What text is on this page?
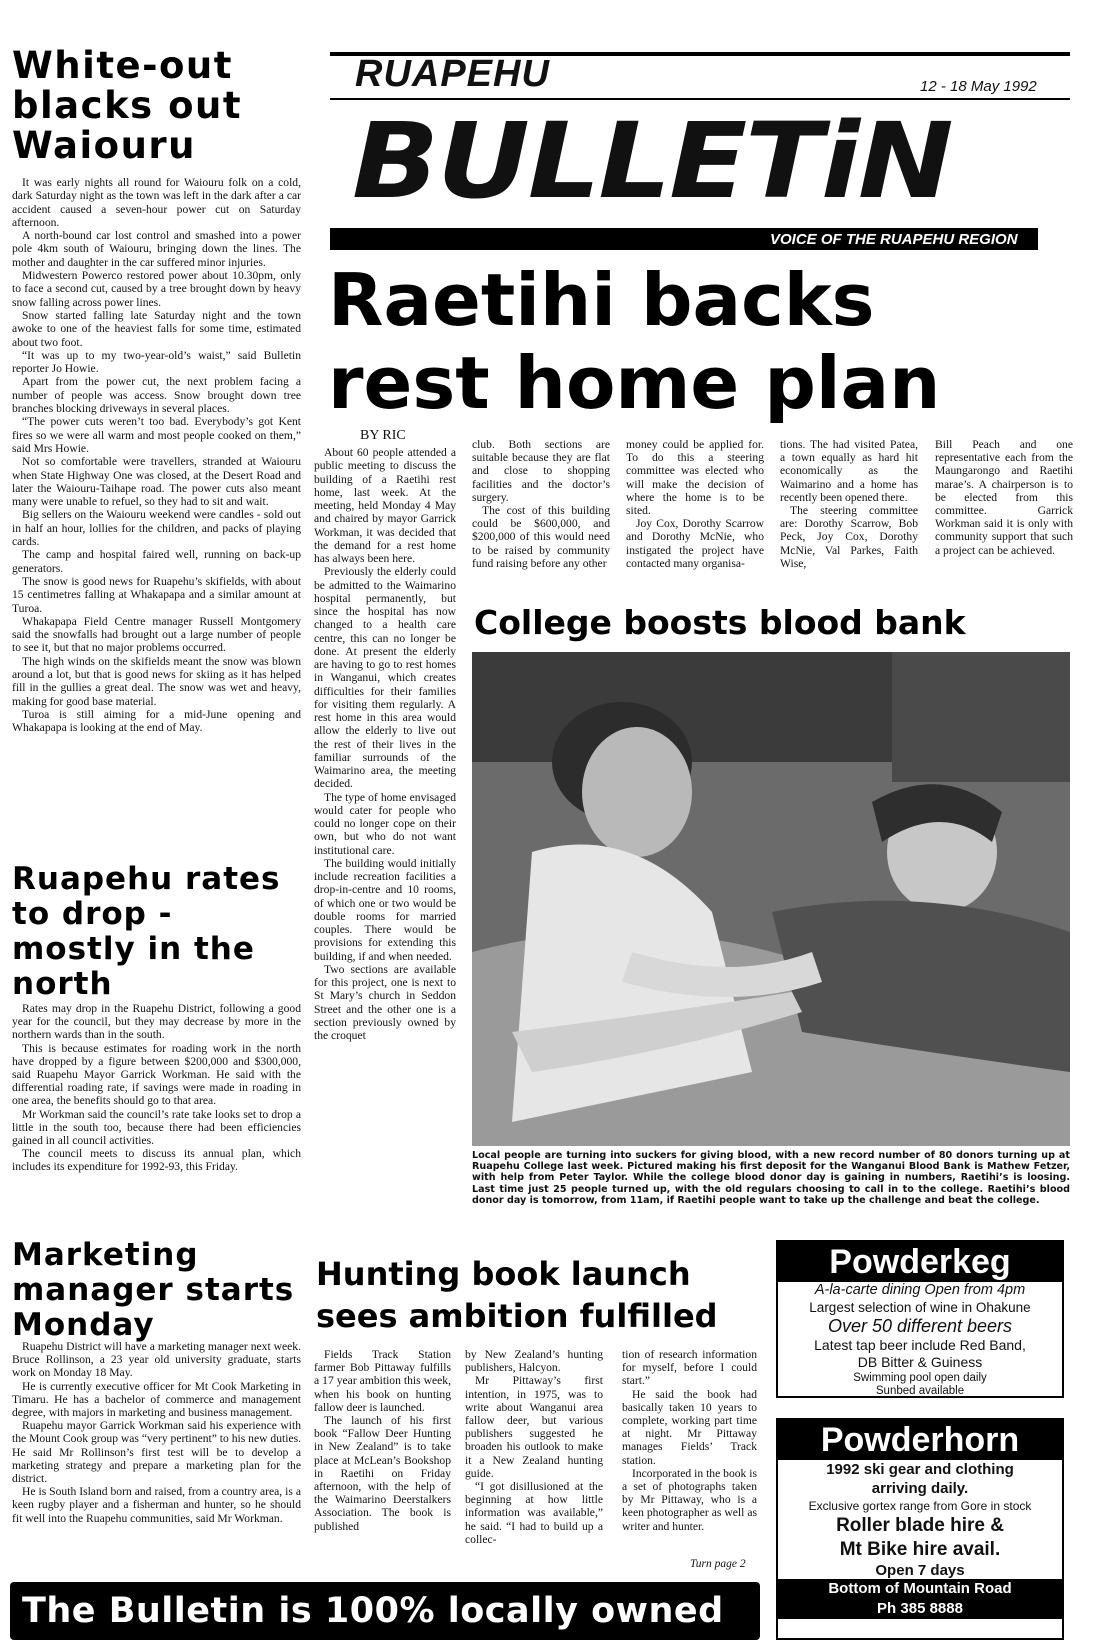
White-out blacks out Waiouru

It was early nights all round for Waiouru folk on a cold, dark Saturday night as the town was left in the dark after a car accident caused a seven-hour power cut on Saturday afternoon.

A north-bound car lost control and smashed into a power pole 4km south of Waiouru, bringing down the lines. The mother and daughter in the car suffered minor injuries.

Midwestern Powerco restored power about 10.30pm, only to face a second cut, caused by a tree brought down by heavy snow falling across power lines.

Snow started falling late Saturday night and the town awoke to one of the heaviest falls for some time, estimated about two foot.

“It was up to my two-year-old’s waist,” said Bulletin reporter Jo Howie.

Apart from the power cut, the next problem facing a number of people was access. Snow brought down tree branches blocking driveways in several places.

“The power cuts weren’t too bad. Everybody’s got Kent fires so we were all warm and most people cooked on them,” said Mrs Howie.

Not so comfortable were travellers, stranded at Waiouru when State Highway One was closed, at the Desert Road and later the Waiouru-Taihape road. The power cuts also meant many were unable to refuel, so they had to sit and wait.

Big sellers on the Waiouru weekend were candles - sold out in half an hour, lollies for the children, and packs of playing cards.

The camp and hospital faired well, running on back-up generators.

The snow is good news for Ruapehu’s skifields, with about 15 centimetres falling at Whakapapa and a similar amount at Turoa.

Whakapapa Field Centre manager Russell Montgomery said the snowfalls had brought out a large number of people to see it, but that no major problems occurred.

The high winds on the skifields meant the snow was blown around a lot, but that is good news for skiing as it has helped fill in the gullies a great deal. The snow was wet and heavy, making for good base material.

Turoa is still aiming for a mid-June opening and Whakapapa is looking at the end of May.

Ruapehu rates to drop - mostly in the north

Rates may drop in the Ruapehu District, following a good year for the council, but they may decrease by more in the northern wards than in the south.

This is because estimates for roading work in the north have dropped by a figure between $200,000 and $300,000, said Ruapehu Mayor Garrick Workman. He said with the differential roading rate, if savings were made in roading in one area, the benefits should go to that area.

Mr Workman said the council’s rate take looks set to drop a little in the south too, because there had been efficiencies gained in all council activities.

The council meets to discuss its annual plan, which includes its expenditure for 1992-93, this Friday.

Marketing manager starts Monday

Ruapehu District will have a marketing manager next week. Bruce Rollinson, a 23 year old university graduate, starts work on Monday 18 May.

He is currently executive officer for Mt Cook Marketing in Timaru. He has a bachelor of commerce and management degree, with majors in marketing and business management.

Ruapehu mayor Garrick Workman said his experience with the Mount Cook group was “very pertinent” to his new duties. He said Mr Rollinson’s first test will be to develop a marketing strategy and prepare a marketing plan for the district.

He is South Island born and raised, from a country area, is a keen rugby player and a fisherman and hunter, so he should fit well into the Ruapehu communities, said Mr Workman.

RUAPEHU	12 - 18 May 1992
BULLETiN
VOICE OF THE RUAPEHU REGION
Raetihi backs
rest home plan
BY RIC

About 60 people attended a public meeting to discuss the building of a Raetihi rest home, last week. At the meeting, held Monday 4 May and chaired by mayor Garrick Workman, it was decided that the demand for a rest home has always been here.

Previously the elderly could be admitted to the Waimarino hospital permanently, but since the hospital has now changed to a health care centre, this can no longer be done. At present the elderly are having to go to rest homes in Wanganui, which creates difficulties for their families for visiting them regularly. A rest home in this area would allow the elderly to live out the rest of their lives in the familiar surrounds of the Waimarino area, the meeting decided.

The type of home envisaged would cater for people who could no longer cope on their own, but who do not want institutional care.

The building would initially include recreation facilities a drop-in-centre and 10 rooms, of which one or two would be double rooms for married couples. There would be provisions for extending this building, if and when needed.

Two sections are available for this project, one is next to St Mary’s church in Seddon Street and the other one is a section previously owned by the croquet

club. Both sections are suitable because they are flat and close to shopping facilities and the doctor’s surgery.

The cost of this building could be $600,000, and $200,000 of this would need to be raised by community fund raising before any other

money could be applied for. To do this a steering committee was elected who will make the decision of where the home is to be sited.

Joy Cox, Dorothy Scarrow and Dorothy McNie, who instigated the project have contacted many organisa-

tions. The had visited Patea, a town equally as hard hit economically as the Waimarino and a home has recently been opened there.

The steering committee are: Dorothy Scarrow, Bob Peck, Joy Cox, Dorothy McNie, Val Parkes, Faith Wise,

Bill Peach and one representative each from the Maungarongo and Raetihi marae’s. A chairperson is to be elected from this committee. Garrick Workman said it is only with community support that such a project can be achieved.

College boosts blood bank
Local people are turning into suckers for giving blood, with a new record number of 80 donors turning up at Ruapehu College last week. Pictured making his first deposit for the Wanganui Blood Bank is Mathew Fetzer, with help from Peter Taylor. While the college blood donor day is gaining in numbers, Raetihi’s is loosing. Last time just 25 people turned up, with the old regulars choosing to call in to the college. Raetihi’s blood donor day is tomorrow, from 11am, if Raetihi people want to take up the challenge and beat the college.
Hunting book launch
sees ambition fulfilled

Fields Track Station farmer Bob Pittaway fulfills a 17 year ambition this week, when his book on hunting fallow deer is launched.

The launch of his first book “Fallow Deer Hunting in New Zealand” is to take place at McLean’s Bookshop in Raetihi on Friday afternoon, with the help of the Waimarino Deerstalkers Association. The book is published

by New Zealand’s hunting publishers, Halcyon.

Mr Pittaway’s first intention, in 1975, was to write about Wanganui area fallow deer, but various publishers suggested he broaden his outlook to make it a New Zealand hunting guide.

“I got disillusioned at the beginning at how little information was available,” he said. “I had to build up a collec-

tion of research information for myself, before I could start.”

He said the book had basically taken 10 years to complete, working part time at night. Mr Pittaway manages Fields’ Track station.

Incorporated in the book is a set of photographs taken by Mr Pittaway, who is a keen photographer as well as writer and hunter.

Turn page 2
Powderkeg
A-la-carte dining Open from 4pm
Largest selection of wine in Ohakune
Over 50 different beers
Latest tap beer include Red Band,
DB Bitter & Guiness
Swimming pool open daily
Sunbed available
Powderhorn
1992 ski gear and clothing
arriving daily.
Exclusive gortex range from Gore in stock
Roller blade hire &
Mt Bike hire avail.
Open 7 days
Bottom of Mountain Road
Ph 385 8888
The Bulletin is 100% locally owned
